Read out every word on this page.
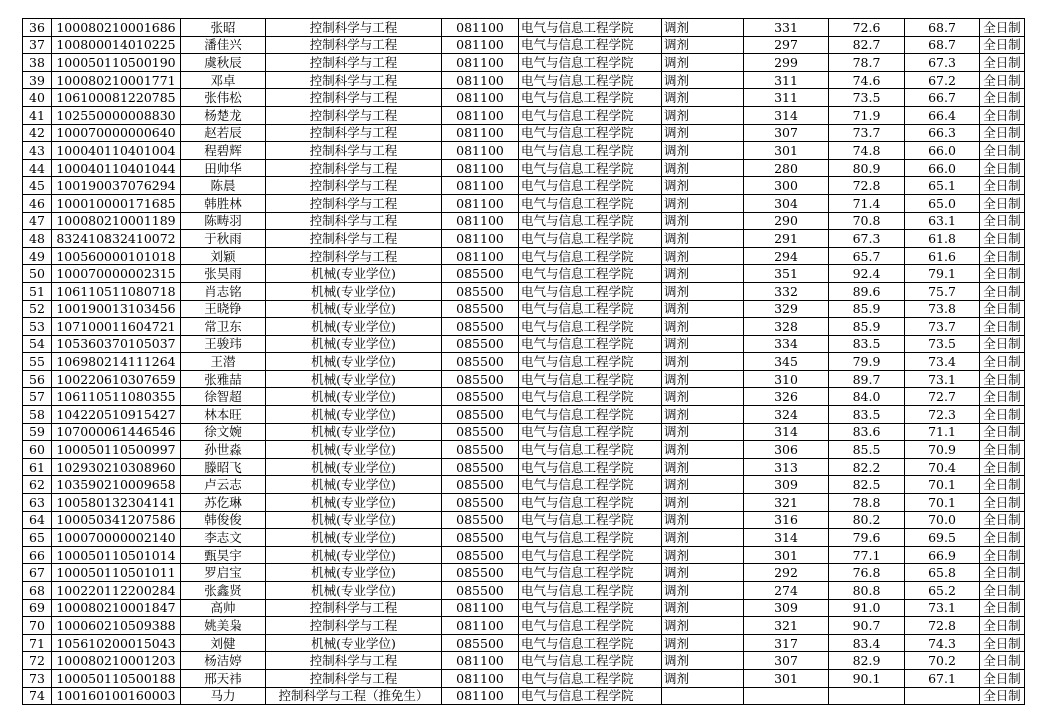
36	100080210001686	张昭	控制科学与工程	081100	电气与信息工程学院	调剂	331	72.6	68.7	全日制
37	100800014010225	潘佳兴	控制科学与工程	081100	电气与信息工程学院	调剂	297	82.7	68.7	全日制
38	100050110500190	虞秋辰	控制科学与工程	081100	电气与信息工程学院	调剂	299	78.7	67.3	全日制
39	100080210001771	邓卓	控制科学与工程	081100	电气与信息工程学院	调剂	311	74.6	67.2	全日制
40	106100081220785	张伟松	控制科学与工程	081100	电气与信息工程学院	调剂	311	73.5	66.7	全日制
41	102550000008830	杨楚龙	控制科学与工程	081100	电气与信息工程学院	调剂	314	71.9	66.4	全日制
42	100070000000640	赵若辰	控制科学与工程	081100	电气与信息工程学院	调剂	307	73.7	66.3	全日制
43	100040110401004	程碧辉	控制科学与工程	081100	电气与信息工程学院	调剂	301	74.8	66.0	全日制
44	100040110401044	田帅华	控制科学与工程	081100	电气与信息工程学院	调剂	280	80.9	66.0	全日制
45	100190037076294	陈晨	控制科学与工程	081100	电气与信息工程学院	调剂	300	72.8	65.1	全日制
46	100010000171685	韩胜林	控制科学与工程	081100	电气与信息工程学院	调剂	304	71.4	65.0	全日制
47	100080210001189	陈畴羽	控制科学与工程	081100	电气与信息工程学院	调剂	290	70.8	63.1	全日制
48	832410832410072	于秋雨	控制科学与工程	081100	电气与信息工程学院	调剂	291	67.3	61.8	全日制
49	100560000101018	刘颖	控制科学与工程	081100	电气与信息工程学院	调剂	294	65.7	61.6	全日制
50	100070000002315	张昊雨	机械(专业学位)	085500	电气与信息工程学院	调剂	351	92.4	79.1	全日制
51	106110511080718	肖志铭	机械(专业学位)	085500	电气与信息工程学院	调剂	332	89.6	75.7	全日制
52	100190013103456	王晓铮	机械(专业学位)	085500	电气与信息工程学院	调剂	329	85.9	73.8	全日制
53	107100011604721	常卫东	机械(专业学位)	085500	电气与信息工程学院	调剂	328	85.9	73.7	全日制
54	105360370105037	王骏玮	机械(专业学位)	085500	电气与信息工程学院	调剂	334	83.5	73.5	全日制
55	106980214111264	王潜	机械(专业学位)	085500	电气与信息工程学院	调剂	345	79.9	73.4	全日制
56	100220610307659	张雅喆	机械(专业学位)	085500	电气与信息工程学院	调剂	310	89.7	73.1	全日制
57	106110511080355	徐智超	机械(专业学位)	085500	电气与信息工程学院	调剂	326	84.0	72.7	全日制
58	104220510915427	林本旺	机械(专业学位)	085500	电气与信息工程学院	调剂	324	83.5	72.3	全日制
59	107000061446546	徐文婉	机械(专业学位)	085500	电气与信息工程学院	调剂	314	83.6	71.1	全日制
60	100050110500997	孙世淼	机械(专业学位)	085500	电气与信息工程学院	调剂	306	85.5	70.9	全日制
61	102930210308960	滕昭飞	机械(专业学位)	085500	电气与信息工程学院	调剂	313	82.2	70.4	全日制
62	103590210009658	卢云志	机械(专业学位)	085500	电气与信息工程学院	调剂	309	82.5	70.1	全日制
63	100580132304141	苏仡琳	机械(专业学位)	085500	电气与信息工程学院	调剂	321	78.8	70.1	全日制
64	100050341207586	韩俊俊	机械(专业学位)	085500	电气与信息工程学院	调剂	316	80.2	70.0	全日制
65	100070000002140	李志文	机械(专业学位)	085500	电气与信息工程学院	调剂	314	79.6	69.5	全日制
66	100050110501014	甄昊宇	机械(专业学位)	085500	电气与信息工程学院	调剂	301	77.1	66.9	全日制
67	100050110501011	罗启宝	机械(专业学位)	085500	电气与信息工程学院	调剂	292	76.8	65.8	全日制
68	100220112200284	张鑫贤	机械(专业学位)	085500	电气与信息工程学院	调剂	274	80.8	65.2	全日制
69	100080210001847	高帅	控制科学与工程	081100	电气与信息工程学院	调剂	309	91.0	73.1	全日制
70	100060210509388	姚美枭	控制科学与工程	081100	电气与信息工程学院	调剂	321	90.7	72.8	全日制
71	105610200015043	刘健	机械(专业学位)	085500	电气与信息工程学院	调剂	317	83.4	74.3	全日制
72	100080210001203	杨洁婷	控制科学与工程	081100	电气与信息工程学院	调剂	307	82.9	70.2	全日制
73	100050110500188	邢天祎	控制科学与工程	081100	电气与信息工程学院	调剂	301	90.1	67.1	全日制
74	100160100160003	马力	控制科学与工程（推免生）	081100	电气与信息工程学院					全日制
